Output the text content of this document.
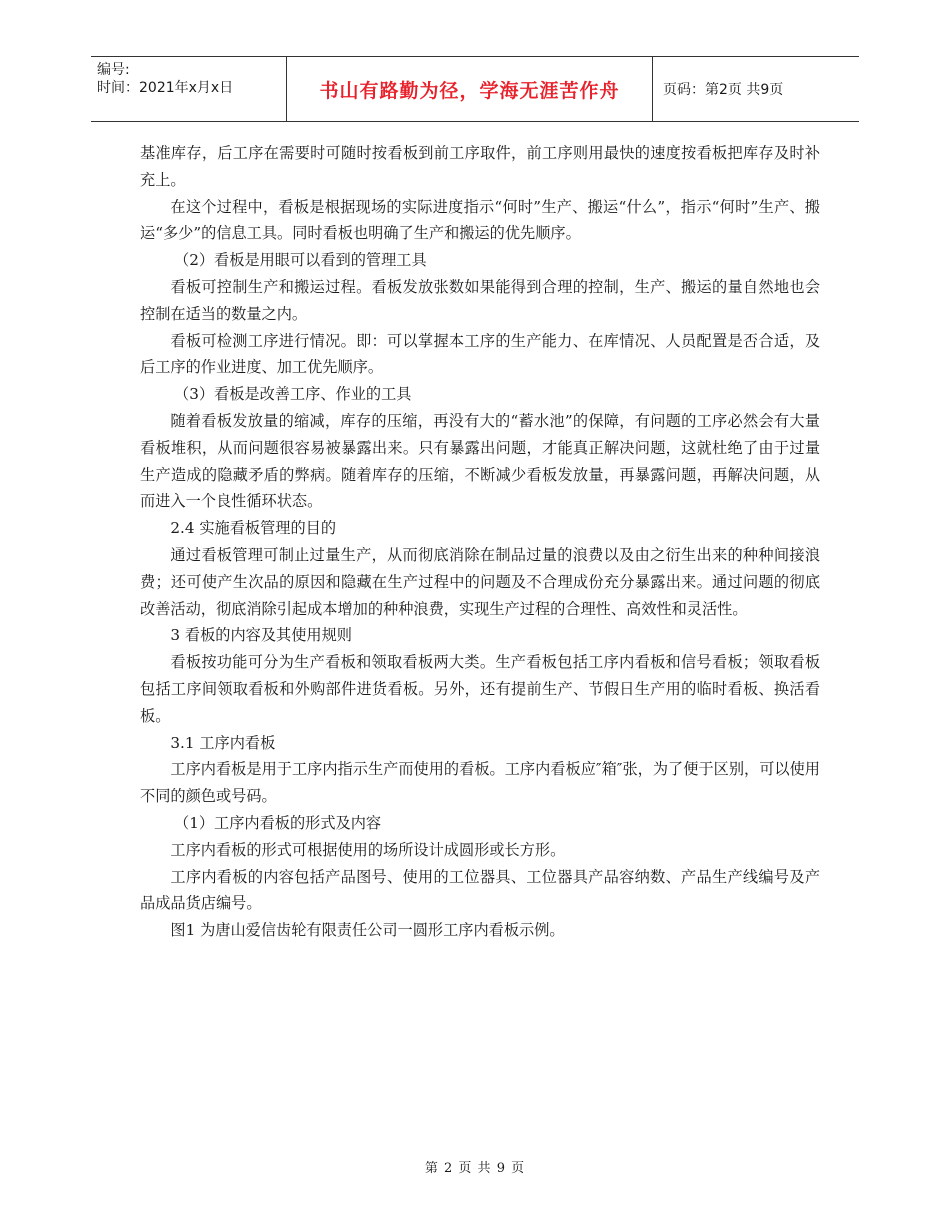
编号:
时间：2021年x月x日	书山有路勤为径，学海无涯苦作舟	页码：第2页 共9页

基准库存，后工序在需要时可随时按看板到前工序取件，前工序则用最快的速度按看板把库存及时补充上。

在这个过程中，看板是根据现场的实际进度指示“何时”生产、搬运“什么”，指示“何时”生产、搬运“多少”的信息工具。同时看板也明确了生产和搬运的优先顺序。

（2）看板是用眼可以看到的管理工具

看板可控制生产和搬运过程。看板发放张数如果能得到合理的控制，生产、搬运的量自然地也会控制在适当的数量之内。

看板可检测工序进行情况。即：可以掌握本工序的生产能力、在库情况、人员配置是否合适，及后工序的作业进度、加工优先顺序。

（3）看板是改善工序、作业的工具

随着看板发放量的缩减，库存的压缩，再没有大的“蓄水池”的保障，有问题的工序必然会有大量看板堆积，从而问题很容易被暴露出来。只有暴露出问题，才能真正解决问题，这就杜绝了由于过量生产造成的隐藏矛盾的弊病。随着库存的压缩，不断减少看板发放量，再暴露问题，再解决问题，从而进入一个良性循环状态。

2.4 实施看板管理的目的

通过看板管理可制止过量生产，从而彻底消除在制品过量的浪费以及由之衍生出来的种种间接浪费；还可使产生次品的原因和隐藏在生产过程中的问题及不合理成份充分暴露出来。通过问题的彻底改善活动，彻底消除引起成本增加的种种浪费，实现生产过程的合理性、高效性和灵活性。

3 看板的内容及其使用规则

看板按功能可分为生产看板和领取看板两大类。生产看板包括工序内看板和信号看板；领取看板包括工序间领取看板和外购部件进货看板。另外，还有提前生产、节假日生产用的临时看板、换活看板。

3.1 工序内看板

工序内看板是用于工序内指示生产而使用的看板。工序内看板应″箱″张，为了便于区别，可以使用不同的颜色或号码。

（1）工序内看板的形式及内容

工序内看板的形式可根据使用的场所设计成圆形或长方形。

工序内看板的内容包括产品图号、使用的工位器具、工位器具产品容纳数、产品生产线编号及产品成品货店编号。

图1 为唐山爱信齿轮有限责任公司一圆形工序内看板示例。

第 2 页 共 9 页
